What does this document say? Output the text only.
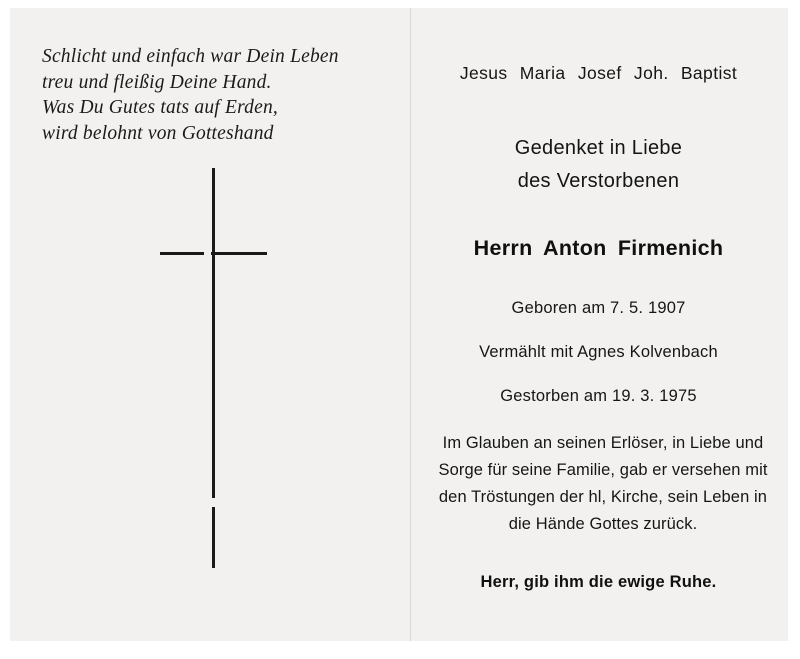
Schlicht und einfach war Dein Leben
treu und fleißig Deine Hand.
Was Du Gutes tats auf Erden,
wird belohnt von Gotteshand
Jesus Maria Josef Joh. Baptist
Gedenket in Liebe
des Verstorbenen
Herrn Anton Firmenich
Geboren am 7. 5. 1907
Vermählt mit Agnes Kolvenbach
Gestorben am 19. 3. 1975
Im Glauben an seinen Erlöser, in Liebe und Sorge für seine Familie, gab er versehen mit den Tröstungen der hl, Kirche, sein Leben in die Hände Gottes zurück.
Herr, gib ihm die ewige Ruhe.
